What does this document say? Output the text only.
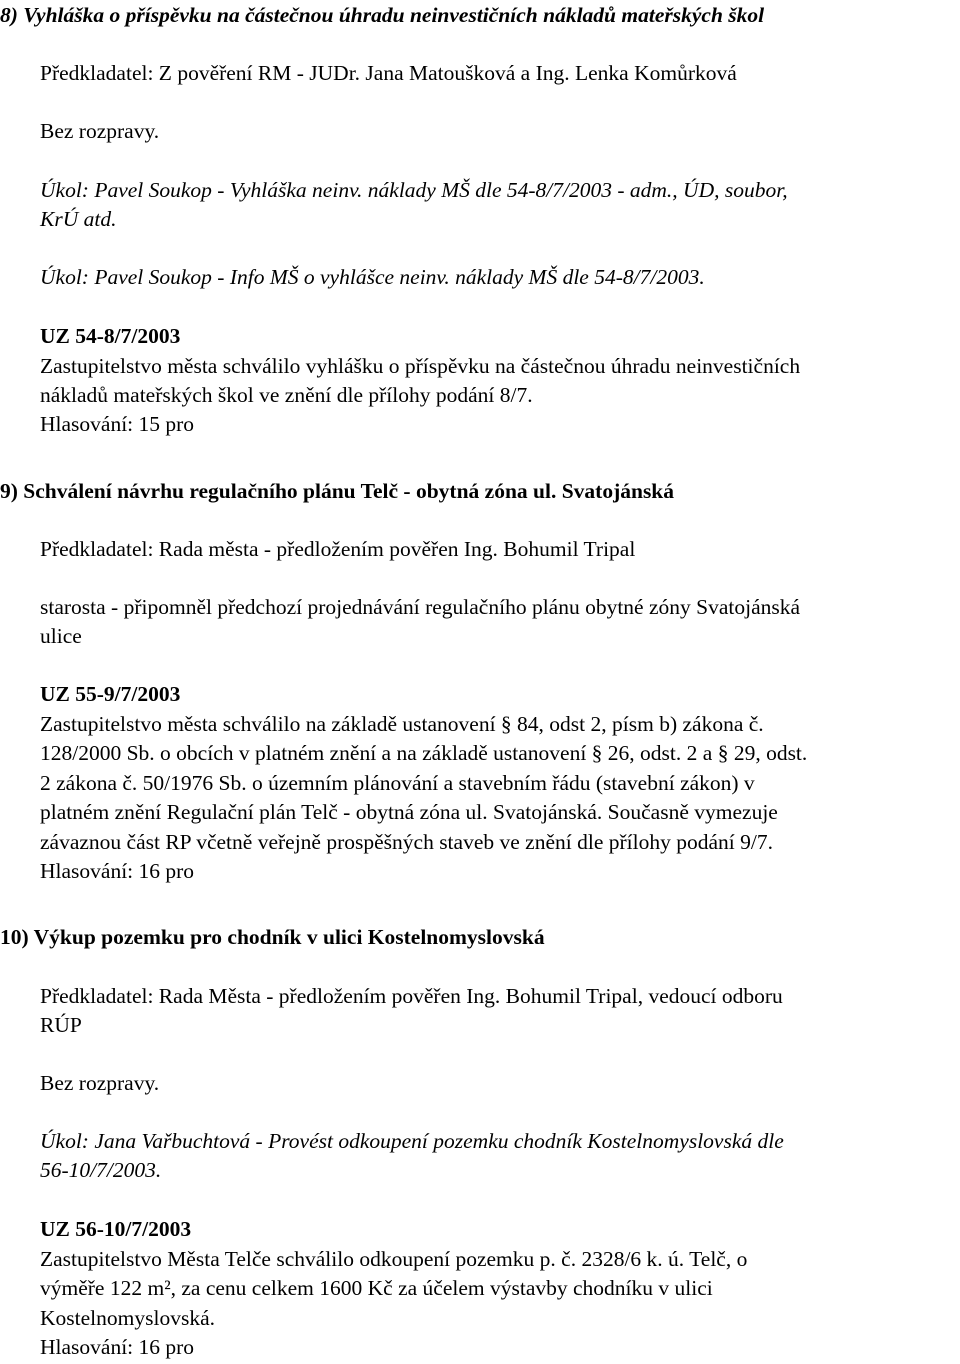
8) Vyhláška o příspěvku na částečnou úhradu neinvestičních nákladů mateřských škol
Předkladatel: Z pověření RM - JUDr. Jana Matoušková a Ing. Lenka Komůrková
Bez rozpravy.
Úkol: Pavel Soukop - Vyhláška neinv. náklady MŠ dle 54-8/7/2003 - adm., ÚD, soubor,
KrÚ atd.
Úkol: Pavel Soukop - Info MŠ o vyhlášce neinv. náklady MŠ dle 54-8/7/2003.
UZ 54-8/7/2003
Zastupitelstvo města schválilo vyhlášku o příspěvku na částečnou úhradu neinvestičních
nákladů mateřských škol ve znění dle přílohy podání 8/7.
Hlasování: 15 pro
9) Schválení návrhu regulačního plánu Telč - obytná zóna ul. Svatojánská
Předkladatel: Rada města - předložením pověřen Ing. Bohumil Tripal
starosta - připomněl předchozí projednávání regulačního plánu obytné zóny Svatojánská
ulice
UZ 55-9/7/2003
Zastupitelstvo města schválilo na základě ustanovení § 84, odst 2, písm b) zákona č.
128/2000 Sb. o obcích v platném znění a na základě ustanovení § 26, odst. 2 a § 29, odst.
2 zákona č. 50/1976 Sb. o územním plánování a stavebním řádu (stavební zákon) v
platném znění Regulační plán Telč - obytná zóna ul. Svatojánská. Současně vymezuje
závaznou část RP včetně veřejně prospěšných staveb ve znění dle přílohy podání 9/7.
Hlasování: 16 pro
10) Výkup pozemku pro chodník v ulici Kostelnomyslovská
Předkladatel: Rada Města - předložením pověřen Ing. Bohumil Tripal, vedoucí odboru
RÚP
Bez rozpravy.
Úkol: Jana Vařbuchtová - Provést odkoupení pozemku chodník Kostelnomyslovská dle
56-10/7/2003.
UZ 56-10/7/2003
Zastupitelstvo Města Telče schválilo odkoupení pozemku p. č. 2328/6 k. ú. Telč, o
výměře 122 m², za cenu celkem 1600 Kč za účelem výstavby chodníku v ulici
Kostelnomyslovská.
Hlasování: 16 pro
